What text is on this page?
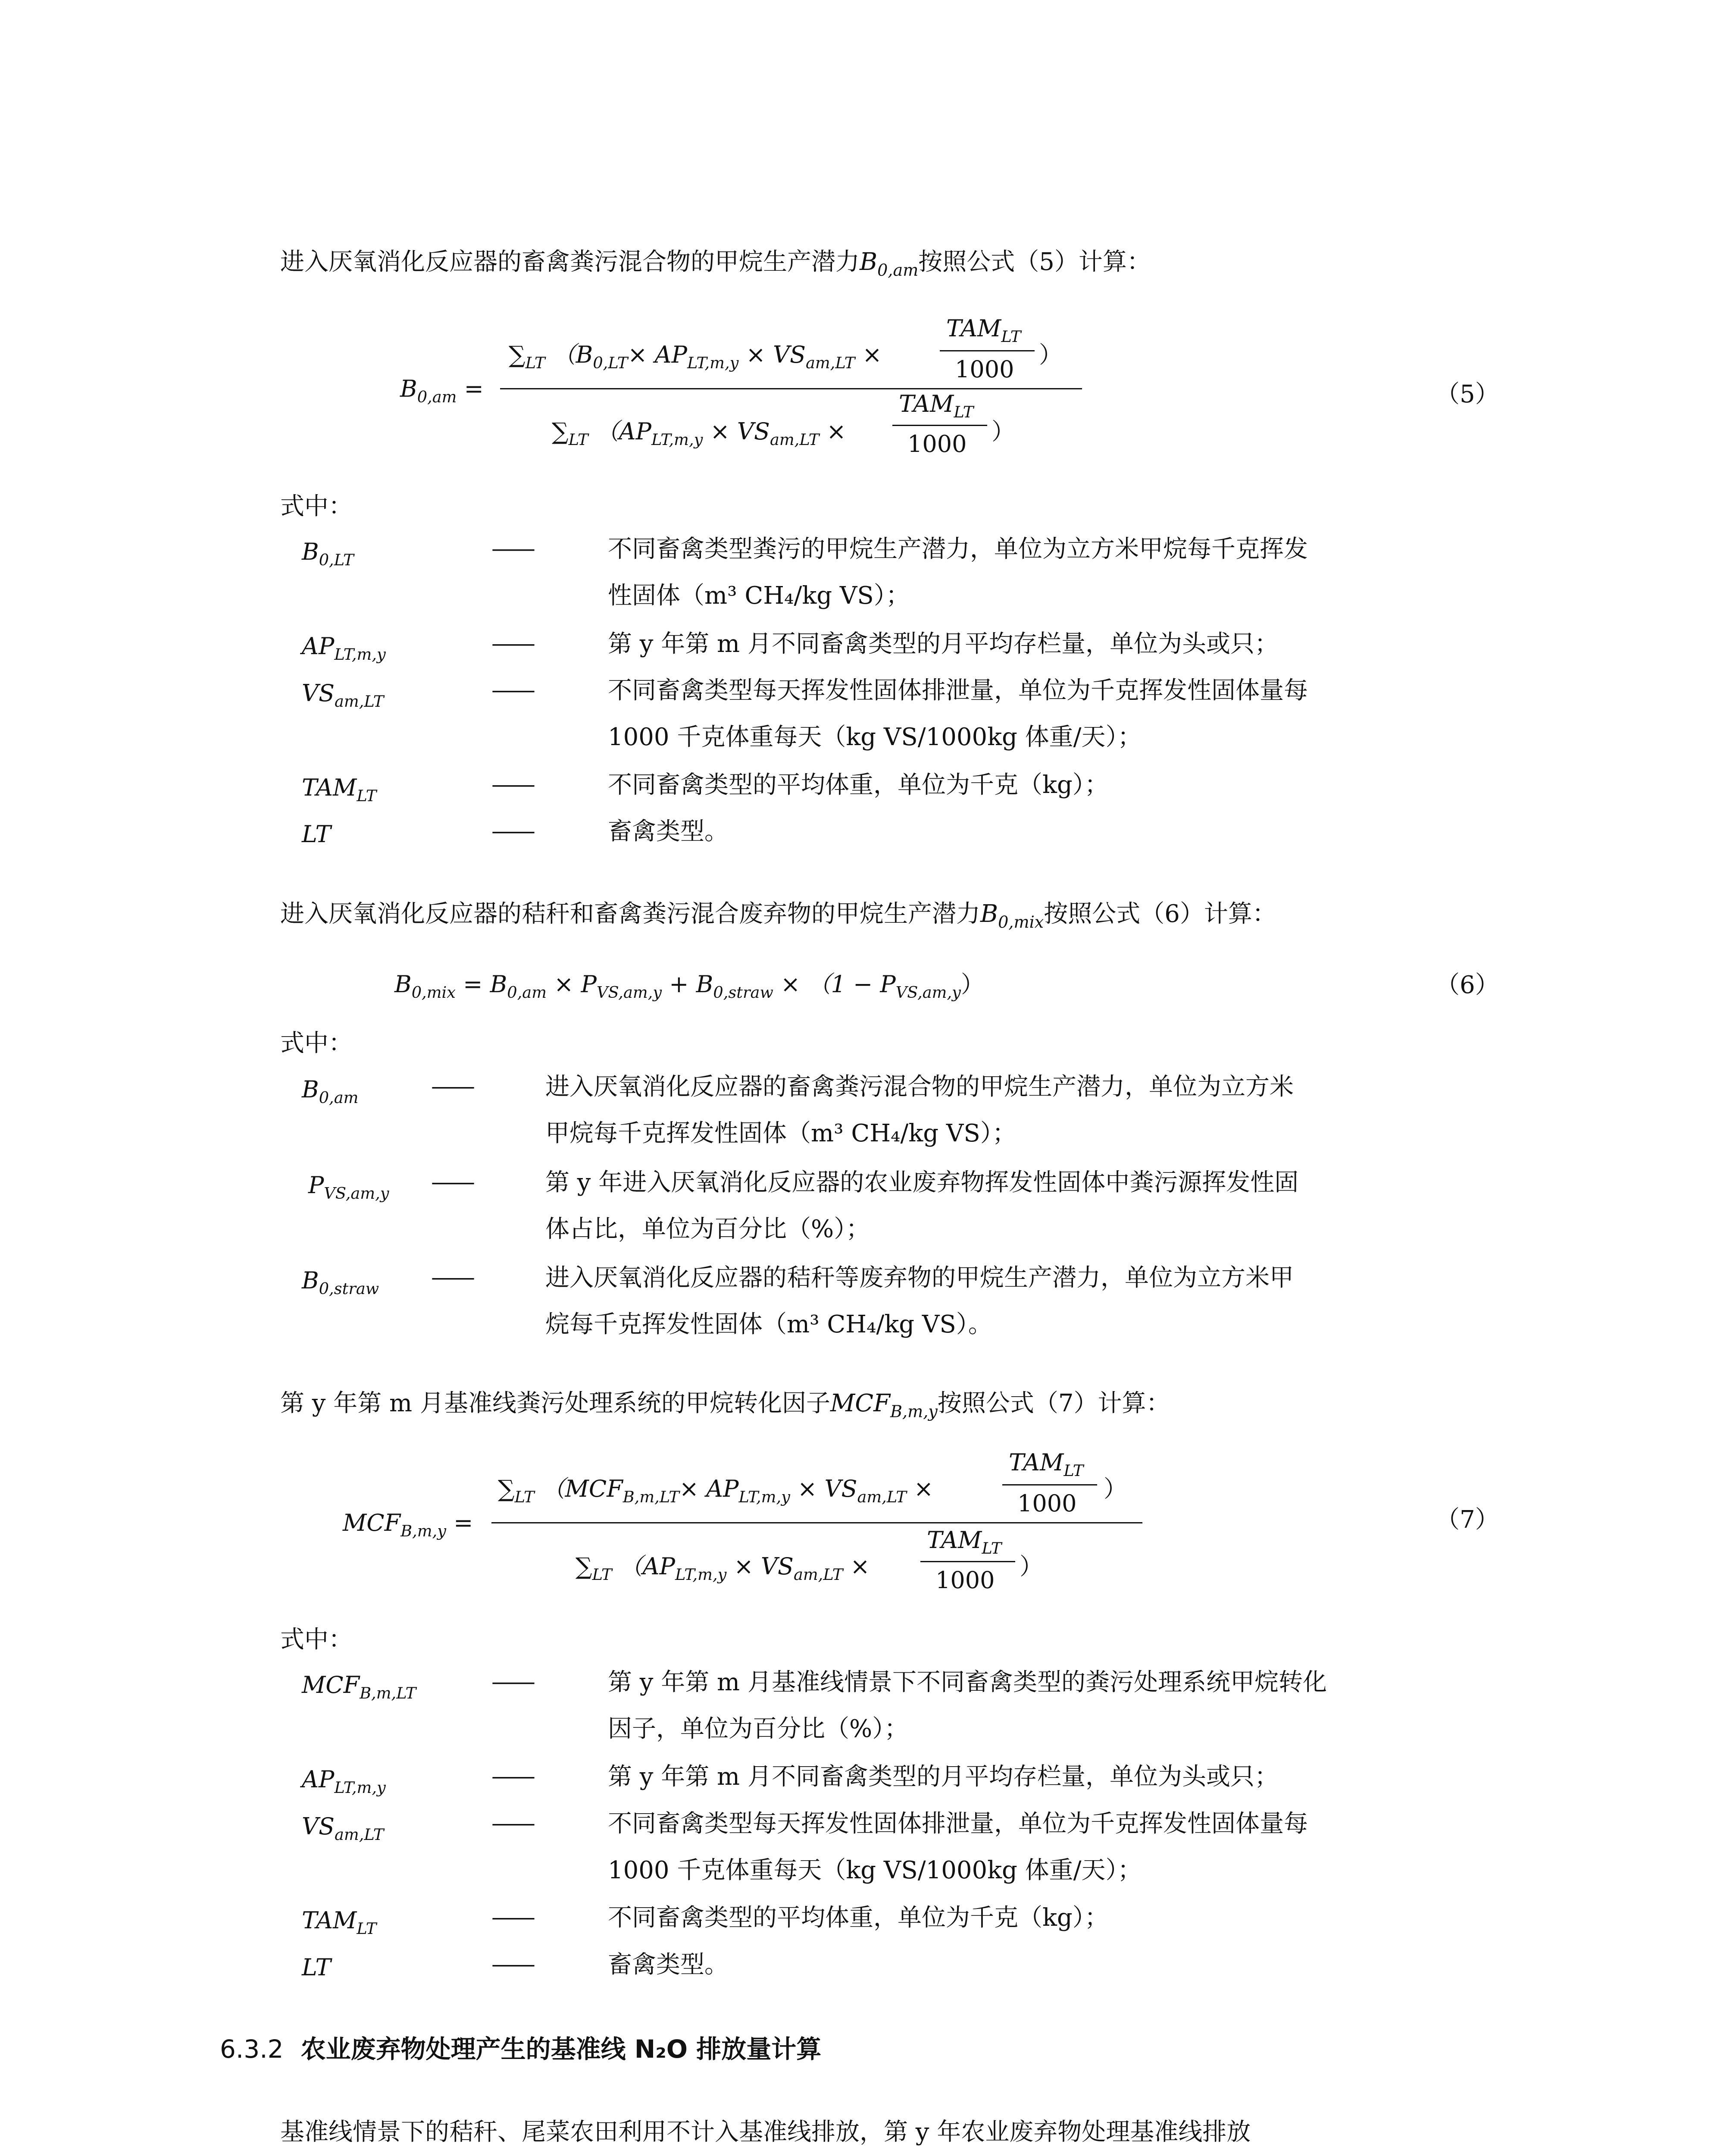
进入厌氧消化反应器的畜禽粪污混合物的甲烷生产潜力$B_{0,am}$按照公式（5）计算：
$B_{0,am}$ =
$\sum_{LT}$ （$B_{0,LT}\times AP_{LT,m,y} \times VS_{am,LT}$ ×
$TAM_{LT}$
1000
）
$\sum_{LT}$ （$AP_{LT,m,y} \times VS_{am,LT}$ ×
$TAM_{LT}$
1000 ）
（5）
式中：
$B_{0,LT}$	——	不同畜禽类型粪污的甲烷生产潜力，单位为立方米甲烷每千克挥发
性固体（m³ CH₄/kg VS）；
$AP_{LT,m,y}$	——	第 y 年第 m 月不同畜禽类型的月平均存栏量，单位为头或只；
$VS_{am,LT}$	——	不同畜禽类型每天挥发性固体排泄量，单位为千克挥发性固体量每
1000 千克体重每天（kg VS/1000kg 体重/天）；
$TAM_{LT}$	——	不同畜禽类型的平均体重，单位为千克（kg）；
LT	——	畜禽类型。
进入厌氧消化反应器的秸秆和畜禽粪污混合废弃物的甲烷生产潜力$B_{0,mix}$按照公式（6）计算：
$B_{0,mix} = B_{0,am} \times P_{VS,am,y} + B_{0,straw} \times (1 - P_{VS,am,y})$	（6）
式中：
$B_{0,am}$	——	进入厌氧消化反应器的畜禽粪污混合物的甲烷生产潜力，单位为立方米
甲烷每千克挥发性固体（m³ CH₄/kg VS）；
$P_{VS,am,y}$ ——	第 y 年进入厌氧消化反应器的农业废弃物挥发性固体中粪污源挥发性固
体占比，单位为百分比（%）；
$B_{0,straw}$ ——	进入厌氧消化反应器的秸秆等废弃物的甲烷生产潜力，单位为立方米甲
烷每千克挥发性固体（m³ CH₄/kg VS）。
第 y 年第 m 月基准线粪污处理系统的甲烷转化因子$MCF_{B,m,y}$按照公式（7）计算：
$MCF_{B,m,y}$ =
$\sum_{LT}$ （$MCF_{B,m,LT}\times AP_{LT,m,y} \times VS_{am,LT}$ ×
$TAM_{LT}$
1000
）
$\sum_{LT}$ （$AP_{LT,m,y} \times VS_{am,LT}$ ×
$TAM_{LT}$
1000
）
（7）
式中：
$MCF_{B,m,LT}$	——	第 y 年第 m 月基准线情景下不同畜禽类型的粪污处理系统甲烷转化
因子，单位为百分比（%）；
$AP_{LT,m,y}$	——	第 y 年第 m 月不同畜禽类型的月平均存栏量，单位为头或只；
$VS_{am,LT}$	——	不同畜禽类型每天挥发性固体排泄量，单位为千克挥发性固体量每
1000 千克体重每天（kg VS/1000kg 体重/天）；
$TAM_{LT}$	——	不同畜禽类型的平均体重，单位为千克（kg）；
LT	——	畜禽类型。
6.3.2 农业废弃物处理产生的基准线 N₂O 排放量计算
基准线情景下的秸秆、尾菜农田利用不计入基准线排放，第 y 年农业废弃物处理基准线排放
